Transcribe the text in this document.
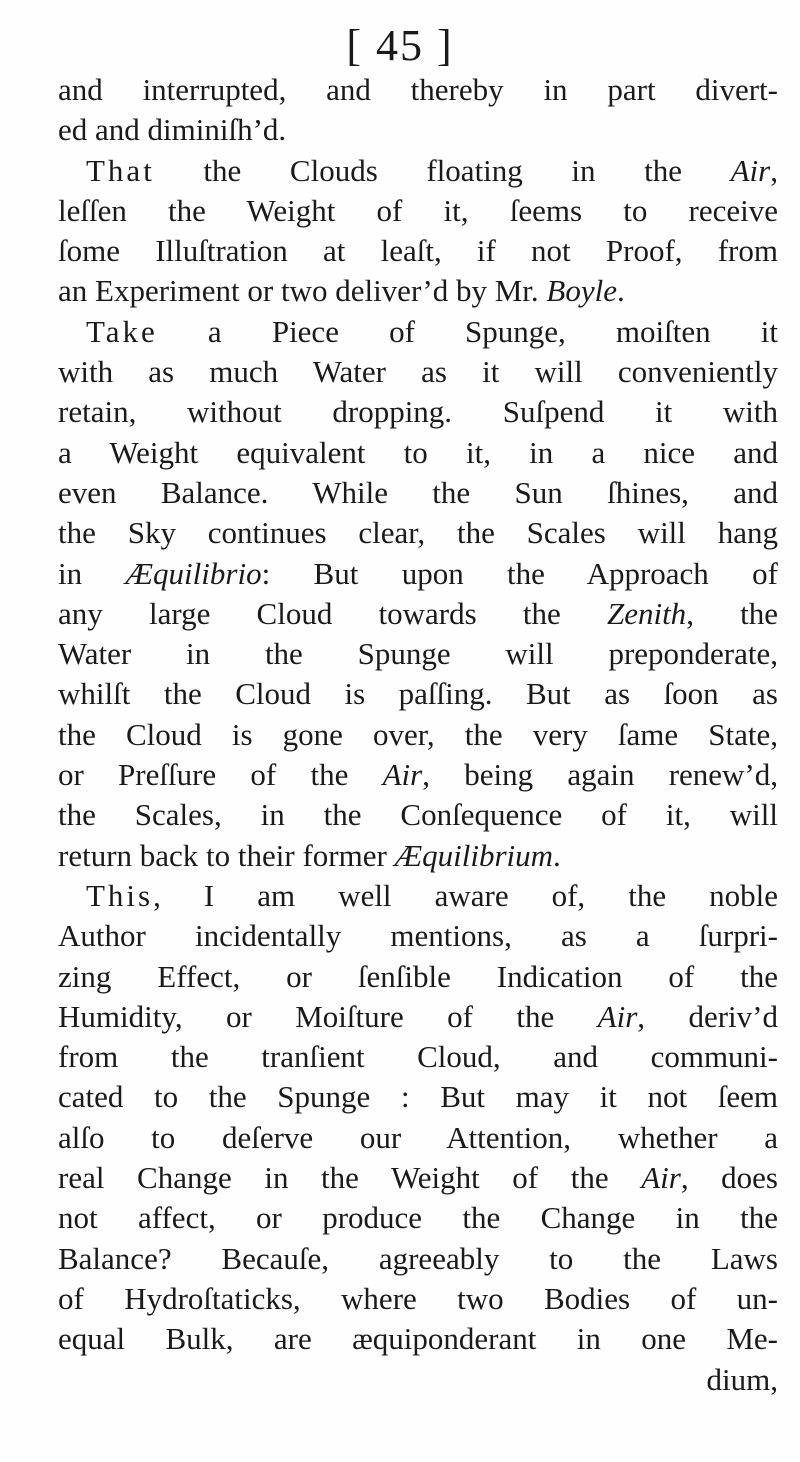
[ 45 ]
and interrupted, and thereby in part divert-
ed and diminiſh’d.
That the Clouds floating in the Air,
leſſen the Weight of it, ſeems to receive
ſome Illuſtration at leaſt, if not Proof, from
an Experiment or two deliver’d by Mr. Boyle.
Take a Piece of Spunge, moiſten it
with as much Water as it will conveniently
retain, without dropping. Suſpend it with
a Weight equivalent to it, in a nice and
even Balance. While the Sun ſhines, and
the Sky continues clear, the Scales will hang
in Æquilibrio: But upon the Approach of
any large Cloud towards the Zenith, the
Water in the Spunge will preponderate,
whilſt the Cloud is paſſing. But as ſoon as
the Cloud is gone over, the very ſame State,
or Preſſure of the Air, being again renew’d,
the Scales, in the Conſequence of it, will
return back to their former Æquilibrium.
This, I am well aware of, the noble
Author incidentally mentions, as a ſurpri-
zing Effect, or ſenſible Indication of the
Humidity, or Moiſture of the Air, deriv’d
from the tranſient Cloud, and communi-
cated to the Spunge : But may it not ſeem
alſo to deſerve our Attention, whether a
real Change in the Weight of the Air, does
not affect, or produce the Change in the
Balance? Becauſe, agreeably to the Laws
of Hydroſtaticks, where two Bodies of un-
equal Bulk, are æquiponderant in one Me-
dium,
